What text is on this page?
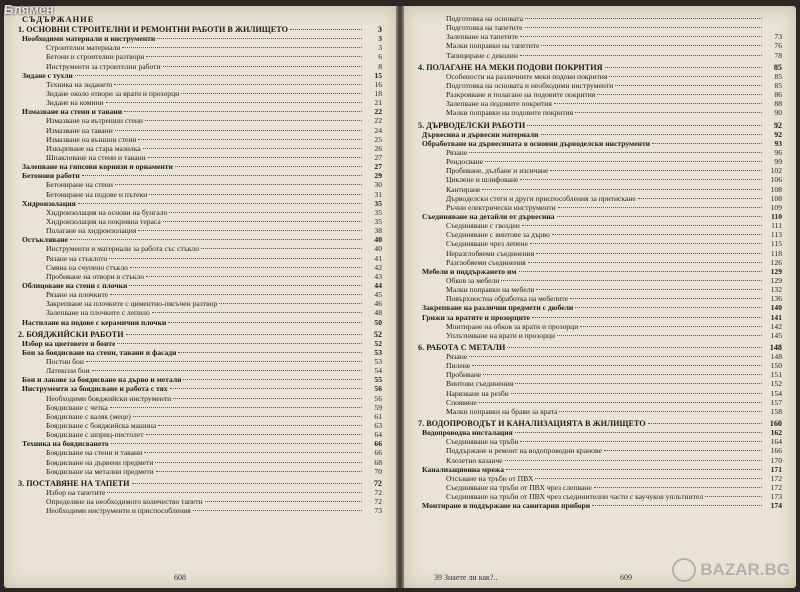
СЪДЪРЖАНИЕ
1. ОСНОВНИ СТРОИТЕЛНИ И РЕМОНТНИ РАБОТИ В ЖИЛИЩЕТО	3
Необходими материали и инструменти	3
Строителни материали	3
Бетони и строителни разтвори	6
Инструменти за строителни работи	8
Зидане с тухли	15
Техника на зидането	16
Зидане около отвори за врати и прозорци	18
Зидане на комини	21
Измазване на стени и тавани	22
Измазване на вътрешни стени	22
Измазване на тавани	24
Измазване на външни стени	25
Изкърпване на стара мазилка	26
Шпакловане на стени и тавани	27
Залепване на гипсови корнизи и орнаменти	27
Бетонови работи	29
Бетониране на стени	30
Бетониране на подове и пътеки	31
Хидроизолация	35
Хидроизолация на основи на бунгало	35
Хидроизолация на покривна тераса	35
Полагане на хидроизолация	38
Остъкляване	40
Инструменти и материали за работа със стъкло	40
Рязане на стъклото	41
Смяна на счупено стъкло	42
Пробиване на отвори в стъкло	43
Облицоване на стени с плочки	44
Рязане на плочките	45
Закрепване на плочките с циментно-пясъчен разтвор	46
Залепване на плочките с лепило	48
Настилане на подове с керамични плочки	50
2. БОЯДЖИЙСКИ РАБОТИ	52
Избор на цветовете и боите	52
Бои за боядисване на стени, тавани и фасади	53
Постни бои	53
Латексни бои	54
Бои и лакове за боядисване на дърво и метали	55
Инструменти за боядисване и работа с тях	56
Необходими бояджийски инструменти	56
Боядисване с четка	59
Боядисване с валяк (меце)	61
Боядисване с бояджийска машина	63
Боядисване с шприц-пистолет	64
Техника на боядисването	66
Боядисване на стени и тавани	66
Боядисване на дървени предмети	68
Боядисване на метални предмети	70
3. ПОСТАВЯНЕ НА ТАПЕТИ	72
Избор на тапетите	72
Определяне на необходимото количество тапети	72
Необходими инструменти и приспособления	73
608
Подготовка на основата
Подготовка на тапетите
Залепване на тапетите	73
Малки поправки на тапетите	76
Тапициране с деколин	78
4. ПОЛАГАНЕ НА МЕКИ ПОДОВИ ПОКРИТИЯ	85
Особености на различните меки подови покрития	85
Подготовка на основата и необходими инструменти	85
Разкрояване и полагане на подовите покрития	86
Залепване на подовите покрития	88
Малки поправки на подовите покрития	90
5. ДЪРВОДЕЛСКИ РАБОТИ	92
Дървесина и дървесни материали	92
Обработване на дървесината в основни дърводелски инструменти	93
Рязане	96
Рендосване	99
Пробиване, дълбане и изсичане	102
Циклене и шлифоване	106
Кантиране	108
Дърводелски стеги и други приспособления за притискане	108
Ръчни електрически инструменти	109
Съединяване на детайли от дървесина	110
Съединяване с гвоздеи	111
Съединяване с винтове за дърво	113
Съединяване чрез лепене	115
Неразглобяеми съединения	118
Разглобяеми съединения	126
Мебели и поддържането им	129
Обков за мебели	129
Малки поправки на мебели	132
Повърхностна обработка на мебелите	136
Закрепване на различни предмети с дюбели	140
Грижи за вратите и прозорците	141
Монтиране на обков за врати и прозорци	142
Уплътняване на врати и прозорци	145
6. РАБОТА С МЕТАЛИ	148
Рязане	148
Пилене	150
Пробиване	151
Винтови съединения	152
Нарязване на резби	154
Споявяне	157
Малки поправки на брави за врата	158
7. ВОДОПРОВОДЪТ И КАНАЛИЗАЦИЯТА В ЖИЛИЩЕТО	160
Водопроводна инсталация	162
Съединяване на тръби	164
Поддържане и ремонт на водопроводни кранове	166
Клозетно казанче	170
Канализационна мрежа	171
Отсъване на тръби от ПВХ	172
Съединяване на тръби от ПВХ чрез слепване	172
Съединяване на тръби от ПВХ чрез съединителни части с каучуков уплътнител	173
Монтиране и поддържане на санитарни прибори	174
39 Знаете ли как?..	609
Блямен
BAZAR.BG
